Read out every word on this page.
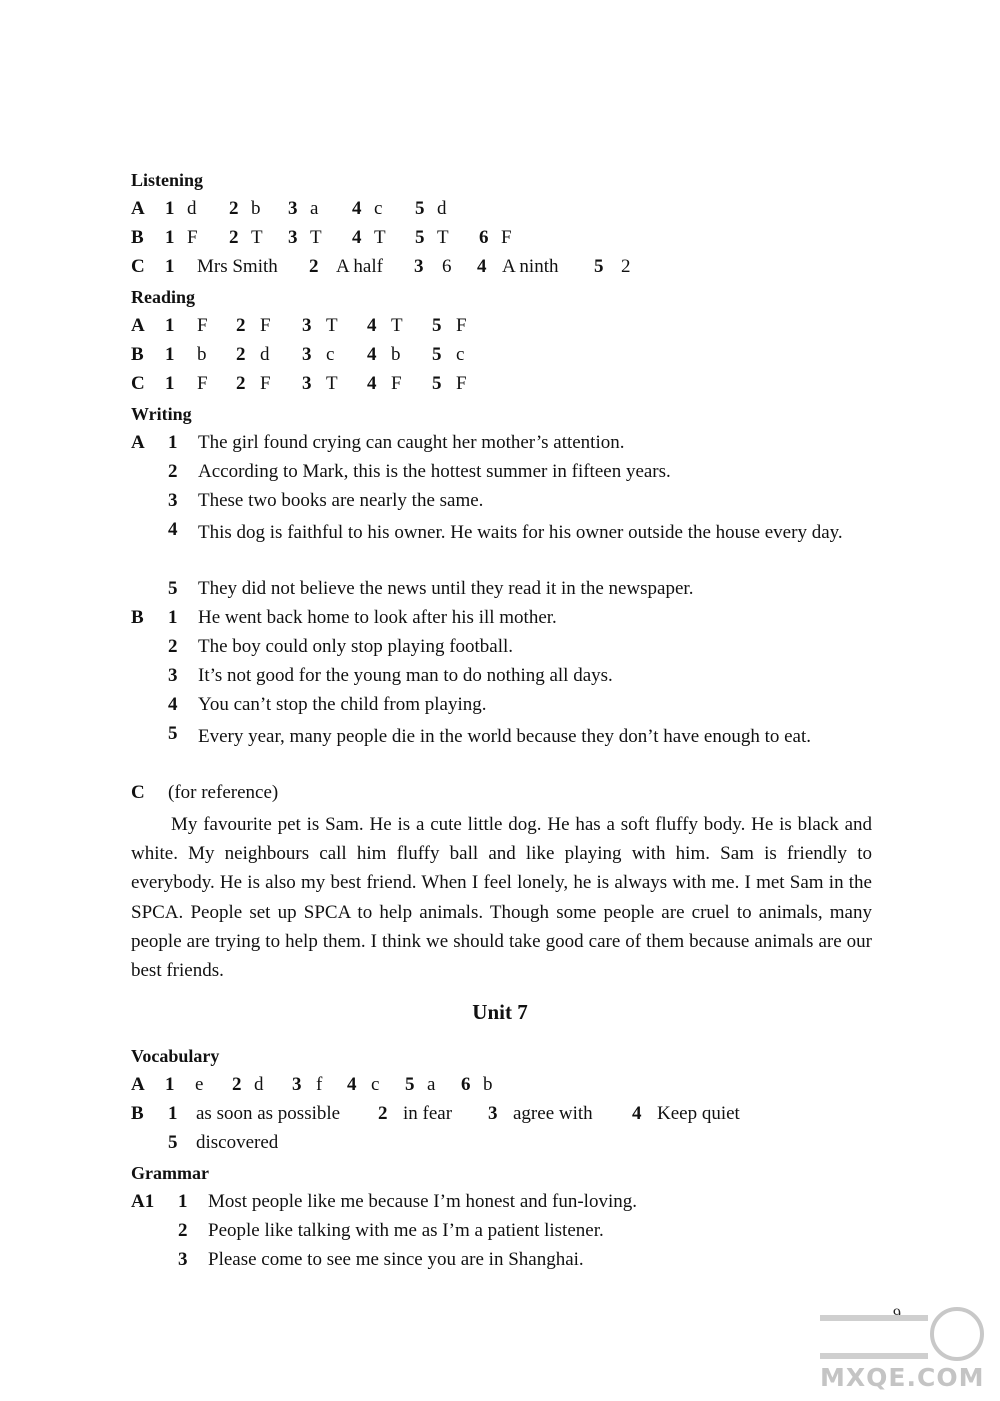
Listening
A 1 d 2 b 3 a 4 c 5 d
B 1 F 2 T 3 T 4 T 5 T 6 F
C 1 Mrs Smith 2 A half 3 6 4 A ninth 5 2
Reading
A 1 F 2 F 3 T 4 T 5 F
B 1 b 2 d 3 c 4 b 5 c
C 1 F 2 F 3 T 4 F 5 F
Writing
A 1 The girl found crying can caught her mother’s attention.
2 According to Mark, this is the hottest summer in fifteen years.
3 These two books are nearly the same.
4 This dog is faithful to his owner. He waits for his owner outside the house every day.
5 They did not believe the news until they read it in the newspaper.
B 1 He went back home to look after his ill mother.
2 The boy could only stop playing football.
3 It’s not good for the young man to do nothing all days.
4 You can’t stop the child from playing.
5 Every year, many people die in the world because they don’t have enough to eat.
C (for reference)
My favourite pet is Sam. He is a cute little dog. He has a soft fluffy body. He is black and white. My neighbours call him fluffy ball and like playing with him. Sam is friendly to everybody. He is also my best friend. When I feel lonely, he is always with me. I met Sam in the SPCA. People set up SPCA to help animals. Though some people are cruel to animals, many people are trying to help them. I think we should take good care of them because animals are our best friends.
Unit 7
Vocabulary
A 1 e 2 d 3 f 4 c 5 a 6 b
B 1 as soon as possible 2 in fear 3 agree with 4 Keep quiet
5 discovered
Grammar
A1 1 Most people like me because I’m honest and fun-loving.
2 People like talking with me as I’m a patient listener.
3 Please come to see me since you are in Shanghai.
9
MXQE.COM
